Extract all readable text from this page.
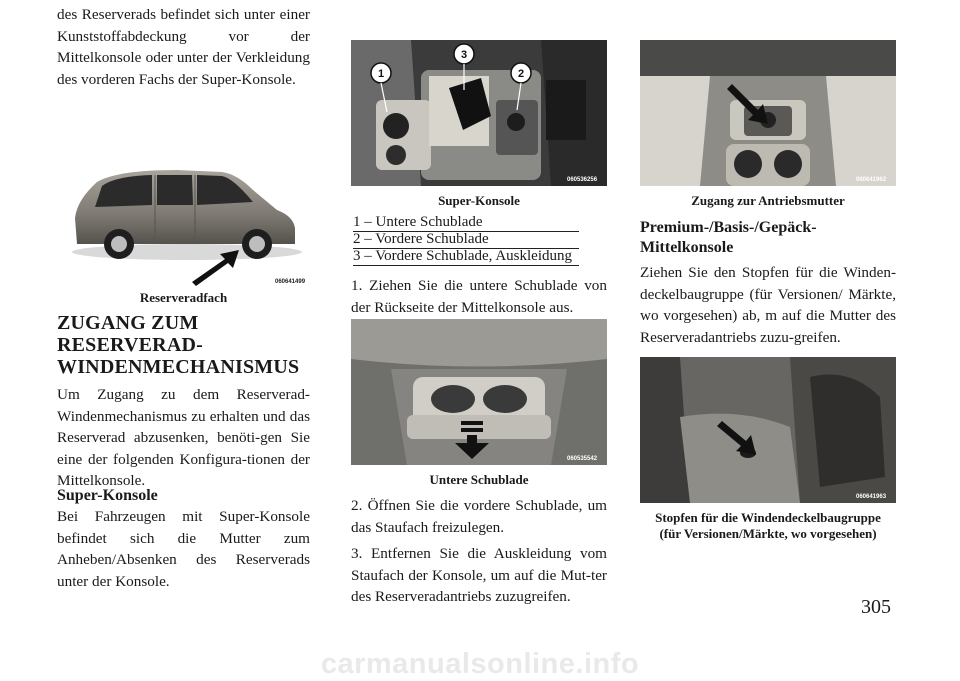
des Reserverads befindet sich unter einer Kunststoffabdeckung vor der Mittelkonsole oder unter der Verkleidung des vorderen Fachs der Super-Konsole.

060641499
Reserveradfach
ZUGANG ZUM RESERVERAD-WINDENMECHANISMUS

Um Zugang zu dem Reserverad-Windenmechanismus zu erhalten und das Reserverad abzusenken, benöti-gen Sie eine der folgenden Konfigura-tionen der Mittelkonsole.

Super-Konsole

Bei Fahrzeugen mit Super-Konsole befindet sich die Mutter zum Anheben/Absenken des Reserverads unter der Konsole.

1
3
2
060536256
Super-Konsole
1 – Untere Schublade
2 – Vordere Schublade
3 – Vordere Schublade, Auskleidung

1. Ziehen Sie die untere Schublade von der Rückseite der Mittelkonsole aus.

060535542
Untere Schublade

2. Öffnen Sie die vordere Schublade, um das Staufach freizulegen.

3. Entfernen Sie die Auskleidung vom Staufach der Konsole, um auf die Mut-ter des Reserveradantriebs zuzugreifen.

060641962
Zugang zur Antriebsmutter
Premium-/Basis-/Gepäck-Mittelkonsole

Ziehen Sie den Stopfen für die Winden-deckelbaugruppe (für Versionen/ Märkte, wo vorgesehen) ab, m auf die Mutter des Reserveradantriebs zuzu-greifen.

060641963
Stopfen für die Windendeckelbaugruppe (für Versionen/Märkte, wo vorgesehen)
305
carmanualsonline.info
